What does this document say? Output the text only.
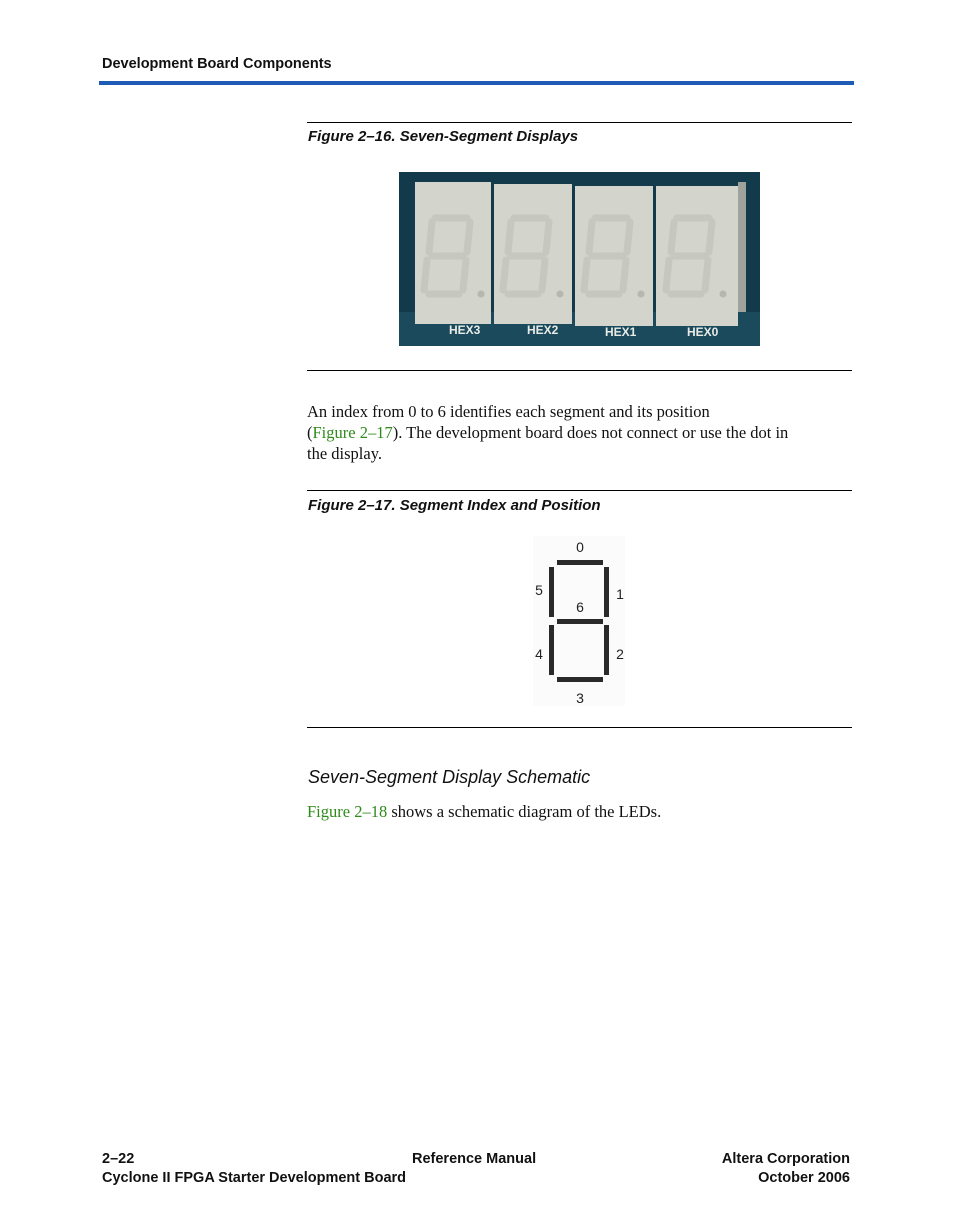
Development Board Components
Figure 2–16. Seven-Segment Displays
HEX3	HEX2	HEX1	HEX0
An index from 0 to 6 identifies each segment and its position
(Figure 2–17). The development board does not connect or use the dot in
the display.
Figure 2–17. Segment Index and Position
0
1
2
3
4
5
6
Seven-Segment Display Schematic
Figure 2–18 shows a schematic diagram of the LEDs.
2–22	Reference Manual	Altera Corporation
Cyclone II FPGA Starter Development Board	October 2006
